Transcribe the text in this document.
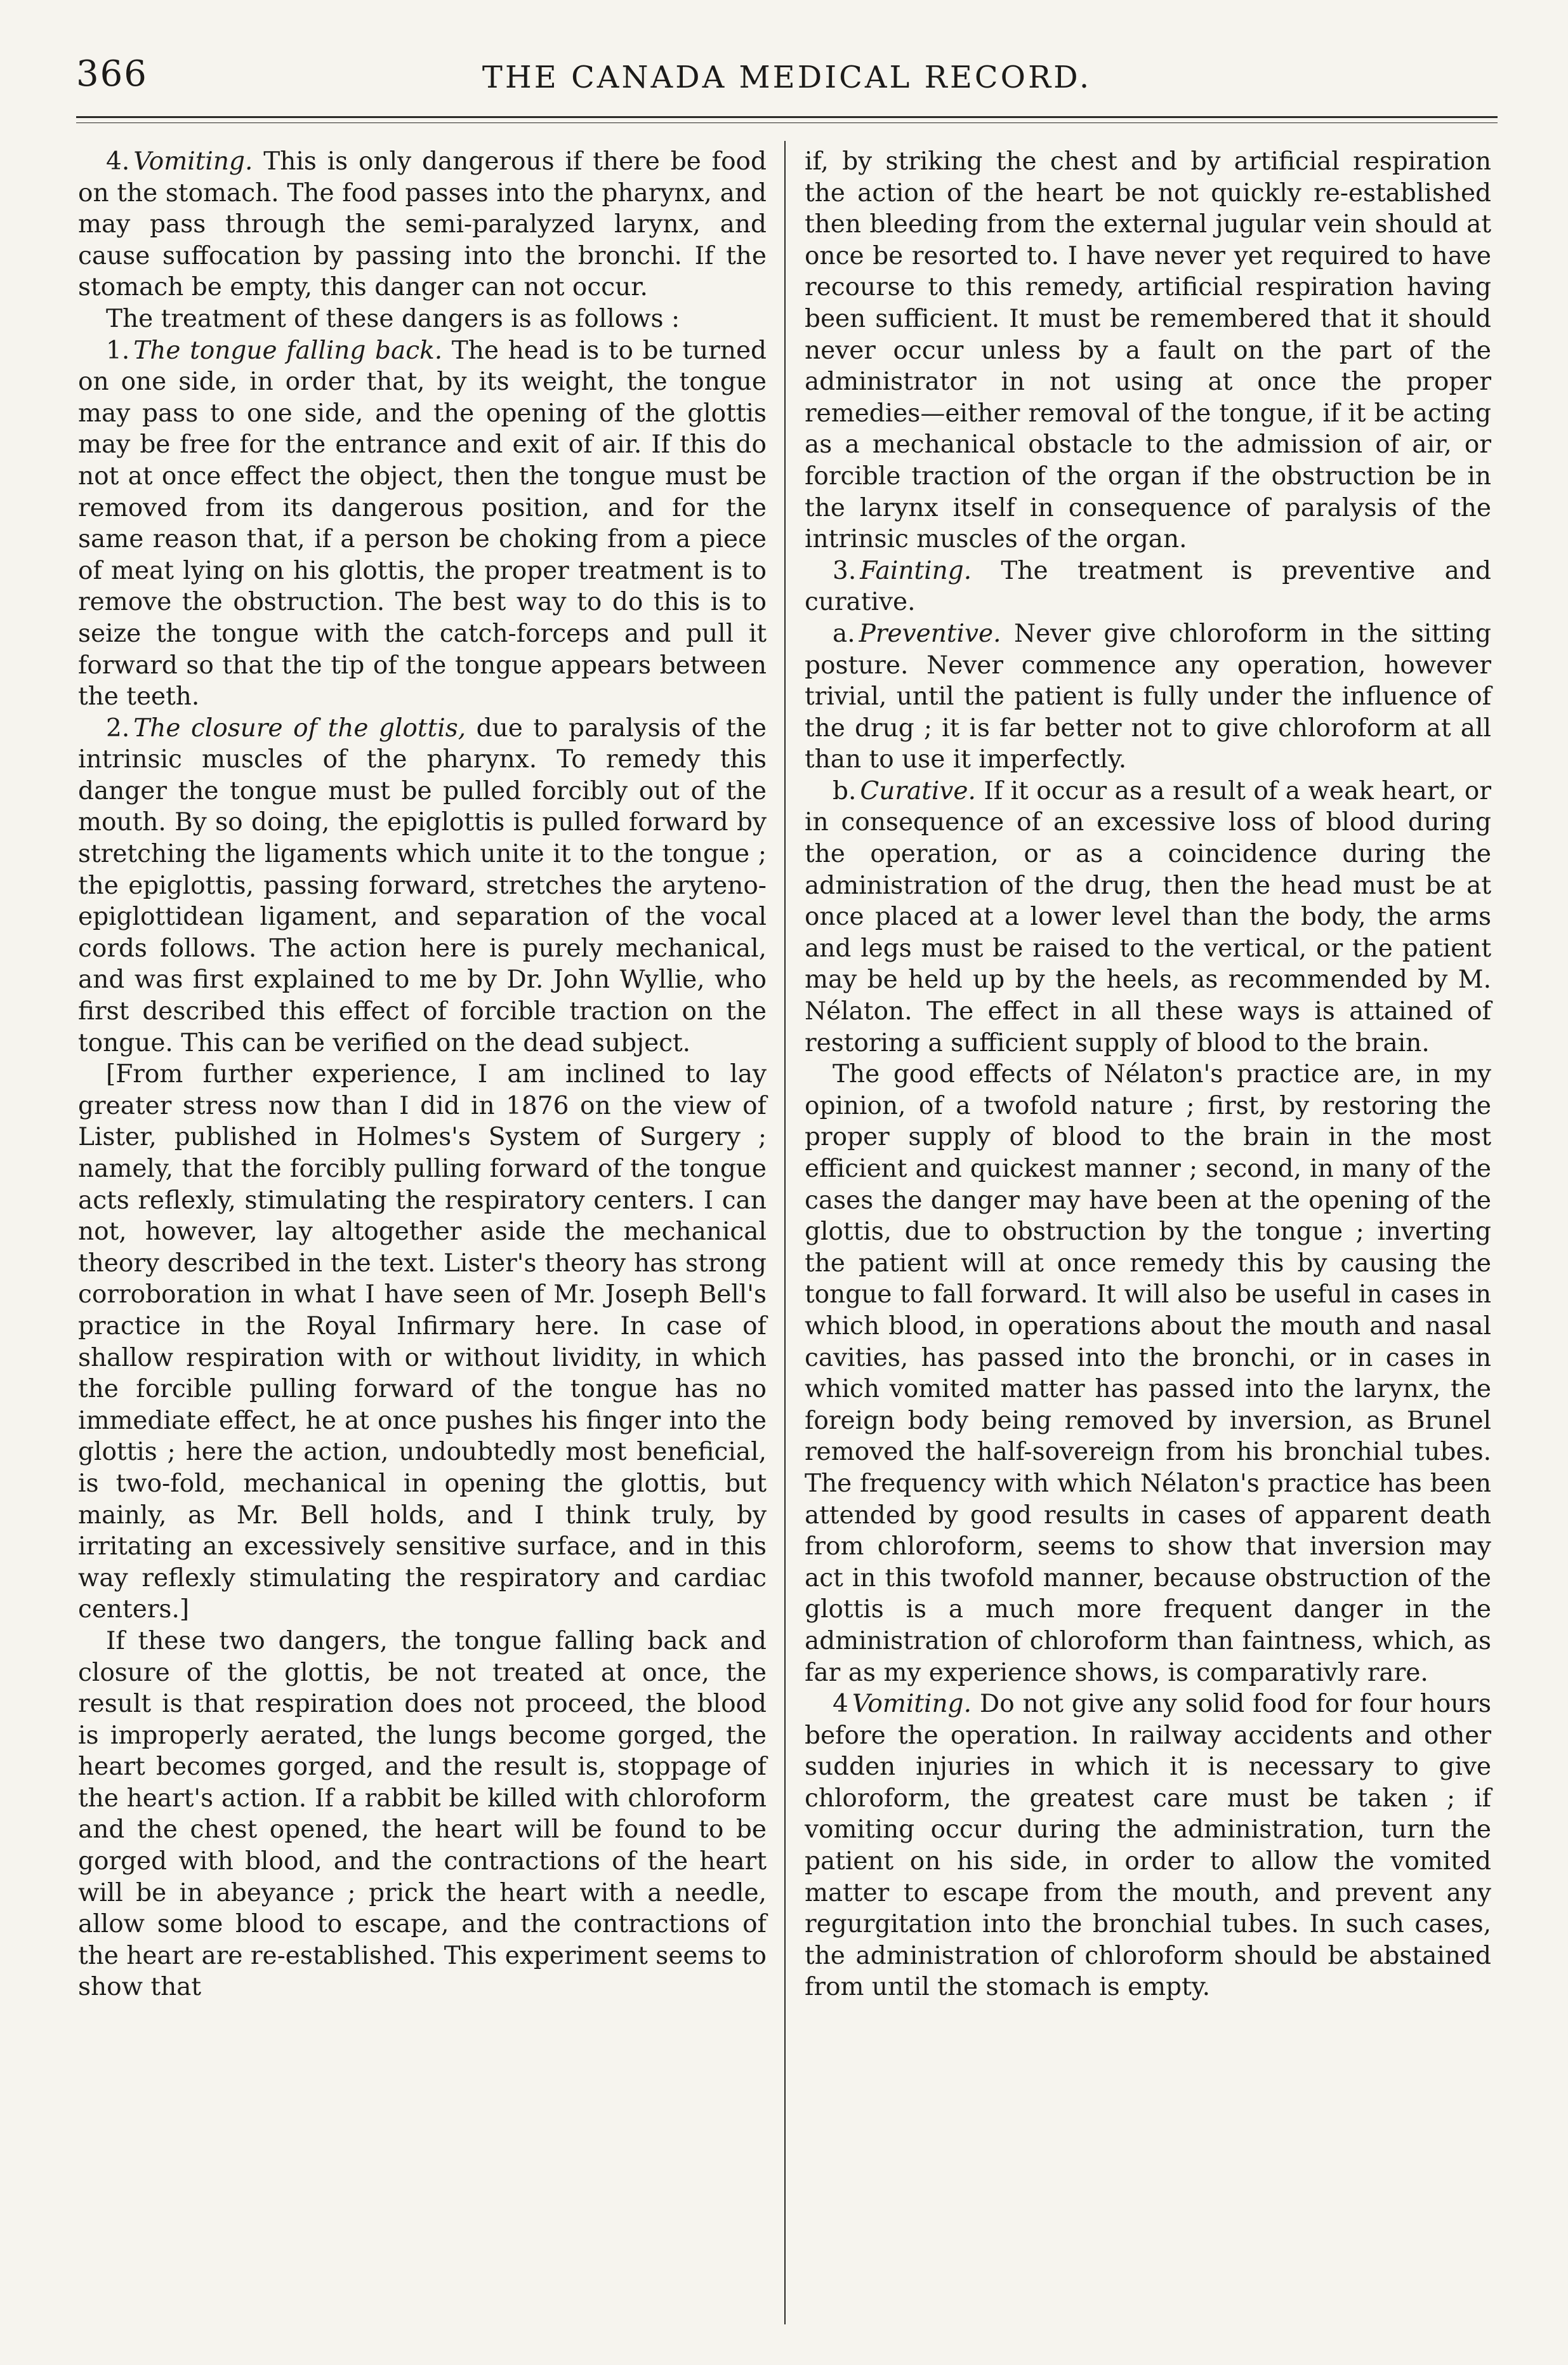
366	THE CANADA MEDICAL RECORD.

4. Vomiting. This is only dangerous if there be food on the stomach. The food passes into the pharynx, and may pass through the semi-paralyzed larynx, and cause suffocation by passing into the bronchi. If the stomach be empty, this danger can not occur.

The treatment of these dangers is as follows :

1. The tongue falling back. The head is to be turned on one side, in order that, by its weight, the tongue may pass to one side, and the opening of the glottis may be free for the entrance and exit of air. If this do not at once effect the object, then the tongue must be removed from its dangerous position, and for the same reason that, if a person be choking from a piece of meat lying on his glottis, the proper treatment is to remove the obstruction. The best way to do this is to seize the tongue with the catch-forceps and pull it forward so that the tip of the tongue appears between the teeth.

2. The closure of the glottis, due to paralysis of the intrinsic muscles of the pharynx. To remedy this danger the tongue must be pulled forcibly out of the mouth. By so doing, the epiglottis is pulled forward by stretching the ligaments which unite it to the tongue ; the epiglottis, passing forward, stretches the aryteno-epiglottidean ligament, and separation of the vocal cords follows. The action here is purely mechanical, and was first explained to me by Dr. John Wyllie, who first described this effect of forcible traction on the tongue. This can be verified on the dead subject.

[From further experience, I am inclined to lay greater stress now than I did in 1876 on the view of Lister, published in Holmes's System of Surgery ; namely, that the forcibly pulling forward of the tongue acts reflexly, stimulating the respiratory centers. I can not, however, lay altogether aside the mechanical theory described in the text. Lister's theory has strong corroboration in what I have seen of Mr. Joseph Bell's practice in the Royal Infirmary here. In case of shallow respiration with or without lividity, in which the forcible pulling forward of the tongue has no immediate effect, he at once pushes his finger into the glottis ; here the action, undoubtedly most beneficial, is two-fold, mechanical in opening the glottis, but mainly, as Mr. Bell holds, and I think truly, by irritating an excessively sensitive surface, and in this way reflexly stimulating the respiratory and cardiac centers.]

If these two dangers, the tongue falling back and closure of the glottis, be not treated at once, the result is that respiration does not proceed, the blood is improperly aerated, the lungs become gorged, the heart becomes gorged, and the result is, stoppage of the heart's action. If a rabbit be killed with chloroform and the chest opened, the heart will be found to be gorged with blood, and the contractions of the heart will be in abeyance ; prick the heart with a needle, allow some blood to escape, and the contractions of the heart are re-established. This experiment seems to show that

if, by striking the chest and by artificial respiration the action of the heart be not quickly re-established then bleeding from the external jugular vein should at once be resorted to. I have never yet required to have recourse to this remedy, artificial respiration having been sufficient. It must be remembered that it should never occur unless by a fault on the part of the administrator in not using at once the proper remedies—either removal of the tongue, if it be acting as a mechanical obstacle to the admission of air, or forcible traction of the organ if the obstruction be in the larynx itself in consequence of paralysis of the intrinsic muscles of the organ.

3. Fainting. The treatment is preventive and curative.

a. Preventive. Never give chloroform in the sitting posture. Never commence any operation, however trivial, until the patient is fully under the influence of the drug ; it is far better not to give chloroform at all than to use it imperfectly.

b. Curative. If it occur as a result of a weak heart, or in consequence of an excessive loss of blood during the operation, or as a coincidence during the administration of the drug, then the head must be at once placed at a lower level than the body, the arms and legs must be raised to the vertical, or the patient may be held up by the heels, as recommended by M. Nélaton. The effect in all these ways is attained of restoring a sufficient supply of blood to the brain.

The good effects of Nélaton's practice are, in my opinion, of a twofold nature ; first, by restoring the proper supply of blood to the brain in the most efficient and quickest manner ; second, in many of the cases the danger may have been at the opening of the glottis, due to obstruction by the tongue ; inverting the patient will at once remedy this by causing the tongue to fall forward. It will also be useful in cases in which blood, in operations about the mouth and nasal cavities, has passed into the bronchi, or in cases in which vomited matter has passed into the larynx, the foreign body being removed by inversion, as Brunel removed the half-sovereign from his bronchial tubes. The frequency with which Nélaton's practice has been attended by good results in cases of apparent death from chloroform, seems to show that inversion may act in this twofold manner, because obstruction of the glottis is a much more frequent danger in the administration of chloroform than faintness, which, as far as my experience shows, is comparativly rare.

4 Vomiting. Do not give any solid food for four hours before the operation. In railway accidents and other sudden injuries in which it is necessary to give chloroform, the greatest care must be taken ; if vomiting occur during the administration, turn the patient on his side, in order to allow the vomited matter to escape from the mouth, and prevent any regurgitation into the bronchial tubes. In such cases, the administration of chloroform should be abstained from until the stomach is empty.
